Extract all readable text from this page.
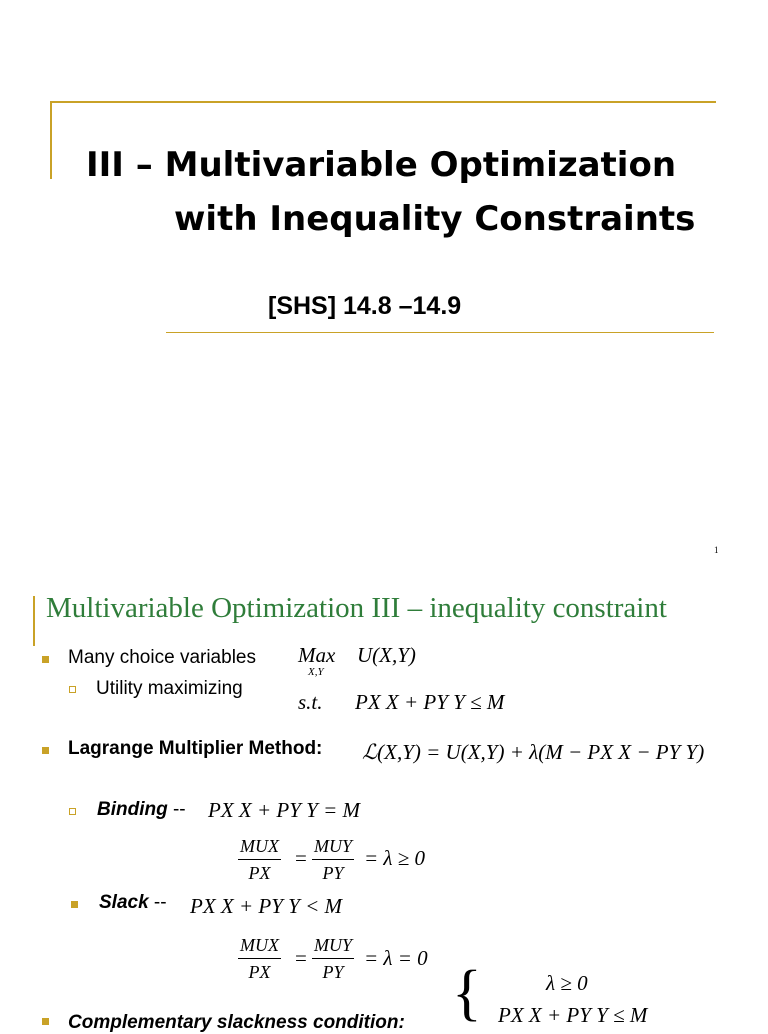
III – Multivariable Optimization
with Inequality Constraints
[SHS] 14.8 –14.9
1
Multivariable Optimization III – inequality constraint
Many choice variables Max
X,Y
U(X,Y)
Utility maximizing
s.t. PX X + PY Y ≤ M
Lagrange Multiplier Method: ℒ(X,Y) = U(X,Y) + λ(M − PX X − PY Y)
Binding -- PX X + PY Y = M
MUX
PX
= MUY
PY
= λ ≥ 0
Slack -- PX X + PY Y < M
MUX
PX
=
MUY
PY
= λ = 0
{	λ ≥ 0
PX X + PY Y ≤ M
Complementary slackness condition:
